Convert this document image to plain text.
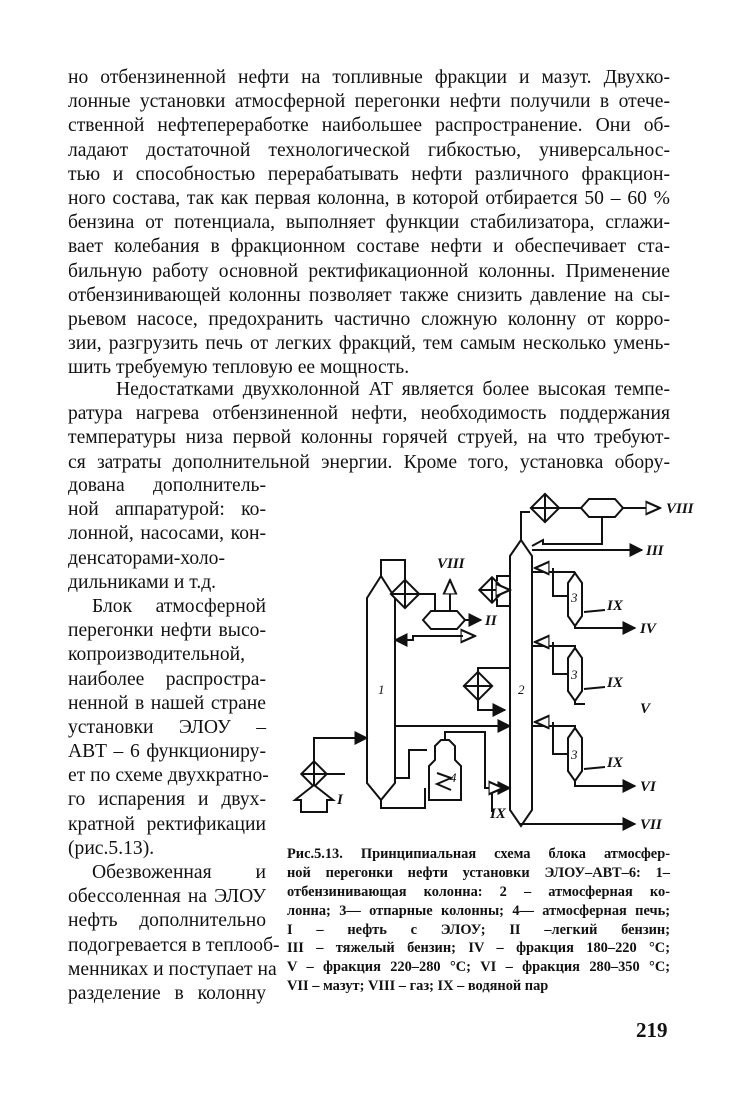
но отбензиненной нефти на топливные фракции и мазут. Двухко-
лонные установки атмосферной перегонки нефти получили в отече-
ственной нефтепереработке наибольшее распространение. Они об-
ладают достаточной технологической гибкостью, универсальнос-
тью и способностью перерабатывать нефти различного фракцион-
ного состава, так как первая колонна, в которой отбирается 50 – 60 %
бензина от потенциала, выполняет функции стабилизатора, сглажи-
вает колебания в фракционном составе нефти и обеспечивает ста-
бильную работу основной ректификационной колонны. Применение
отбензинивающей колонны позволяет также снизить давление на сы-
рьевом насосе, предохранить частично сложную колонну от корро-
зии, разгрузить печь от легких фракций, тем самым несколько умень-
шить требуемую тепловую ее мощность.
Недостатками двухколонной АТ является более высокая темпе-
ратура нагрева отбензиненной нефти, необходимость поддержания
температуры низа первой колонны горячей струей, на что требуют-
ся затраты дополнительной энергии. Кроме того, установка обору-
дована дополнитель-
ной аппаратурой: ко-
лонной, насосами, кон-
денсаторами-холо-
дильниками и т.д.
Блок атмосферной
перегонки нефти высо-
копроизводительной,
наиболее распростра-
ненной в нашей стране
установки ЭЛОУ –
АВТ – 6 функциониру-
ет по схеме двухкратно-
го испарения и двух-
кратной ректификации
(рис.5.13).
Обезвоженная и
обессоленная на ЭЛОУ
нефть дополнительно
подогревается в теплооб-
менниках и поступает на
разделение в колонну
1	2
3
3
3
4
I
II
III
IV
V
VI
VII
VIII
VIII
IX
IX
IX
IX
Рис.5.13. Принципиальная схема блока атмосфер-
ной перегонки нефти установки ЭЛОУ–АВТ–6: 1–
отбензинивающая колонна: 2 – атмосферная ко-
лонна; 3— отпарные колонны; 4— атмосферная печь;
I – нефть с ЭЛОУ; II –легкий бензин;
III – тяжелый бензин; IV – фракция 180–220 °С;
V – фракция 220–280 °С; VI – фракция 280–350 °С;
VII – мазут; VIII – газ; IX – водяной пар
219
